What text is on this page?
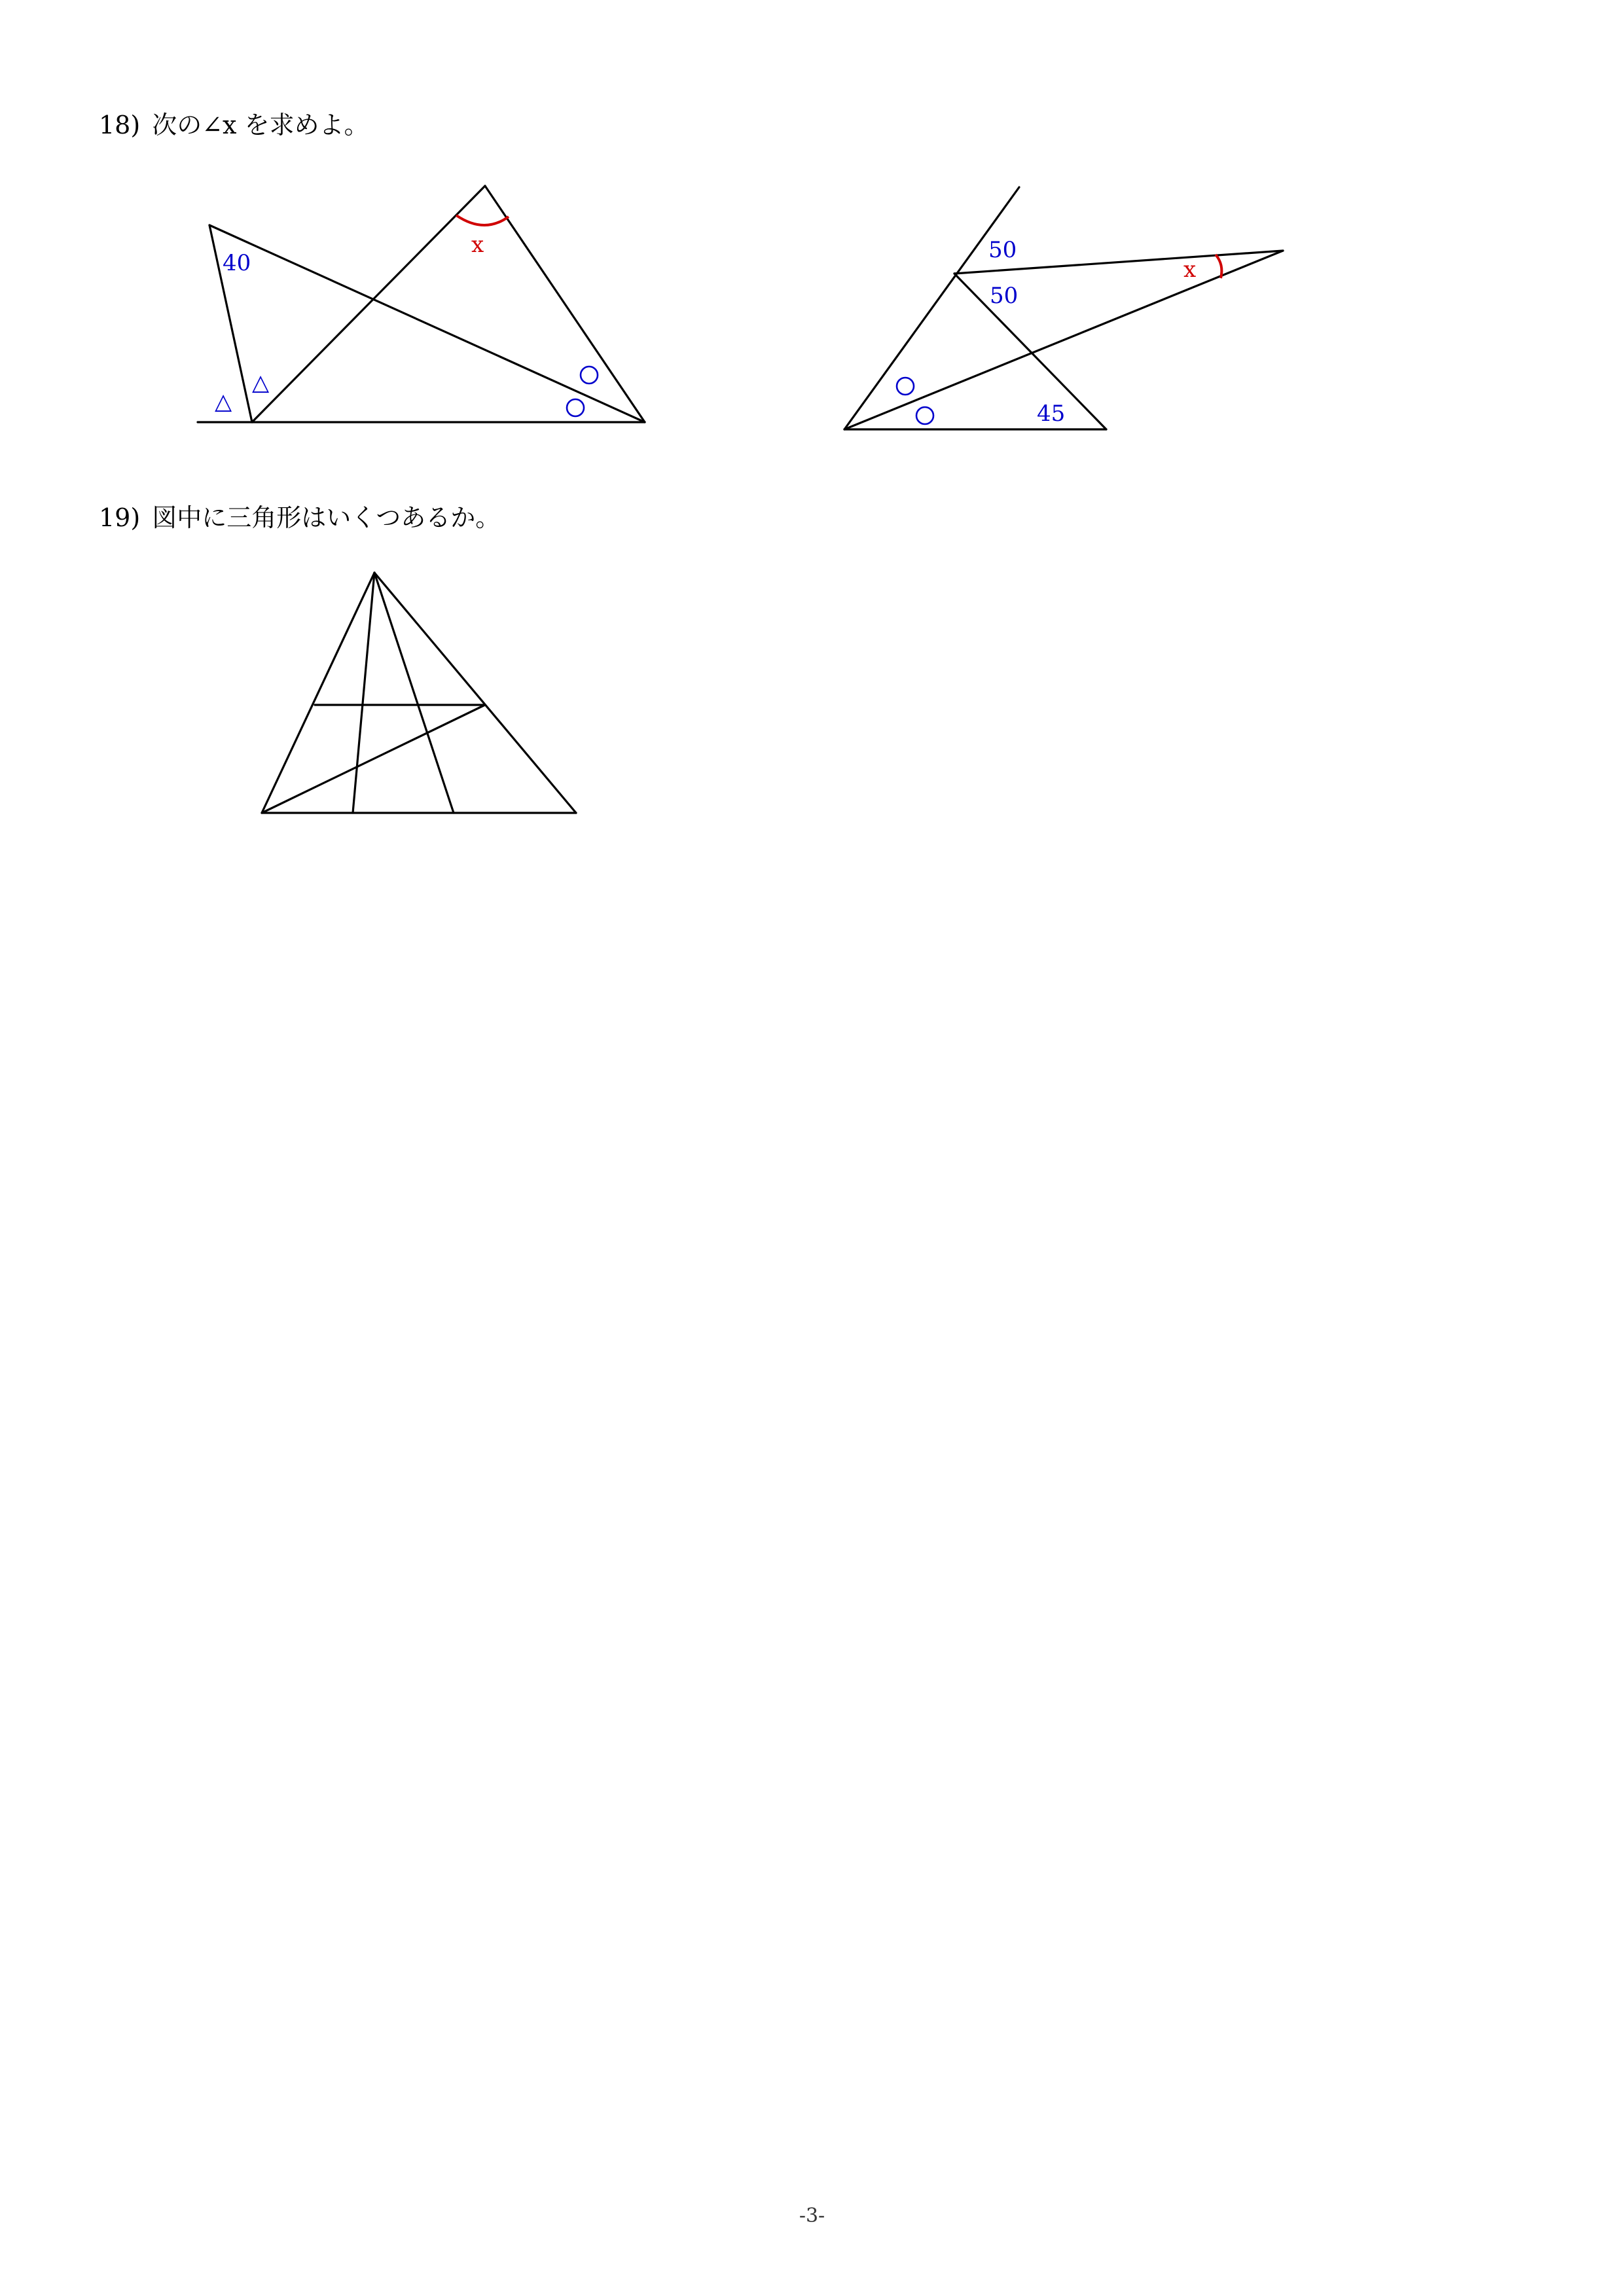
18) 次の∠x を求めよ。
19) 図中に三角形はいくつあるか。
x
40
△
△
x
50
50
45
-3-
